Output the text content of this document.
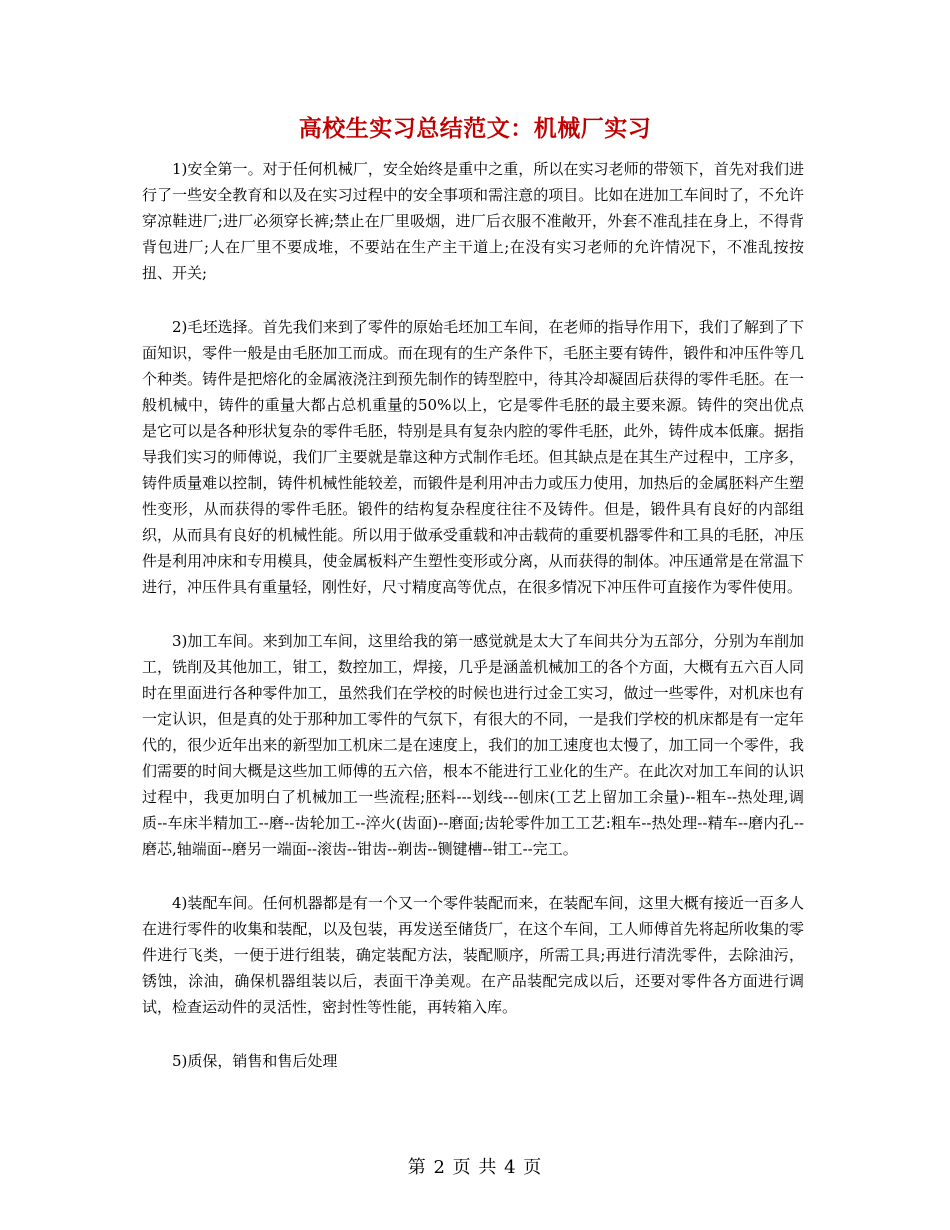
高校生实习总结范文：机械厂实习

1)安全第一。对于任何机械厂，安全始终是重中之重，所以在实习老师的带领下，首先对我们进行了一些安全教育和以及在实习过程中的安全事项和需注意的项目。比如在进加工车间时了，不允许穿凉鞋进厂;进厂必须穿长裤;禁止在厂里吸烟，进厂后衣服不准敞开，外套不准乱挂在身上，不得背背包进厂;人在厂里不要成堆，不要站在生产主干道上;在没有实习老师的允许情况下，不准乱按按扭、开关;

2)毛坯选择。首先我们来到了零件的原始毛坯加工车间，在老师的指导作用下，我们了解到了下面知识，零件一般是由毛胚加工而成。而在现有的生产条件下，毛胚主要有铸件，锻件和冲压件等几个种类。铸件是把熔化的金属液浇注到预先制作的铸型腔中，待其冷却凝固后获得的零件毛胚。在一般机械中，铸件的重量大都占总机重量的50%以上，它是零件毛胚的最主要来源。铸件的突出优点是它可以是各种形状复杂的零件毛胚，特别是具有复杂内腔的零件毛胚，此外，铸件成本低廉。据指导我们实习的师傅说，我们厂主要就是靠这种方式制作毛坯。但其缺点是在其生产过程中，工序多，铸件质量难以控制，铸件机械性能较差，而锻件是利用冲击力或压力使用，加热后的金属胚料产生塑性变形，从而获得的零件毛胚。锻件的结构复杂程度往往不及铸件。但是，锻件具有良好的内部组织，从而具有良好的机械性能。所以用于做承受重载和冲击载荷的重要机器零件和工具的毛胚，冲压件是利用冲床和专用模具，使金属板料产生塑性变形或分离，从而获得的制体。冲压通常是在常温下进行，冲压件具有重量轻，刚性好，尺寸精度高等优点，在很多情况下冲压件可直接作为零件使用。

3)加工车间。来到加工车间，这里给我的第一感觉就是太大了车间共分为五部分，分别为车削加工，铣削及其他加工，钳工，数控加工，焊接，几乎是涵盖机械加工的各个方面，大概有五六百人同时在里面进行各种零件加工，虽然我们在学校的时候也进行过金工实习，做过一些零件，对机床也有一定认识，但是真的处于那种加工零件的气氛下，有很大的不同，一是我们学校的机床都是有一定年代的，很少近年出来的新型加工机床二是在速度上，我们的加工速度也太慢了，加工同一个零件，我们需要的时间大概是这些加工师傅的五六倍，根本不能进行工业化的生产。在此次对加工车间的认识过程中，我更加明白了机械加工一些流程;胚料---划线---刨床(工艺上留加工余量)--粗车--热处理,调质--车床半精加工--磨--齿轮加工--淬火(齿面)--磨面;齿轮零件加工工艺:粗车--热处理--精车--磨内孔--磨芯,轴端面--磨另一端面--滚齿--钳齿--剃齿--铡键槽--钳工--完工。

4)装配车间。任何机器都是有一个又一个零件装配而来，在装配车间，这里大概有接近一百多人在进行零件的收集和装配，以及包装，再发送至储货厂，在这个车间，工人师傅首先将起所收集的零件进行飞类，一便于进行组装，确定装配方法，装配顺序，所需工具;再进行清洗零件，去除油污，锈蚀，涂油，确保机器组装以后，表面干净美观。在产品装配完成以后，还要对零件各方面进行调试，检查运动件的灵活性，密封性等性能，再转箱入库。

5)质保，销售和售后处理

第 2 页 共 4 页
